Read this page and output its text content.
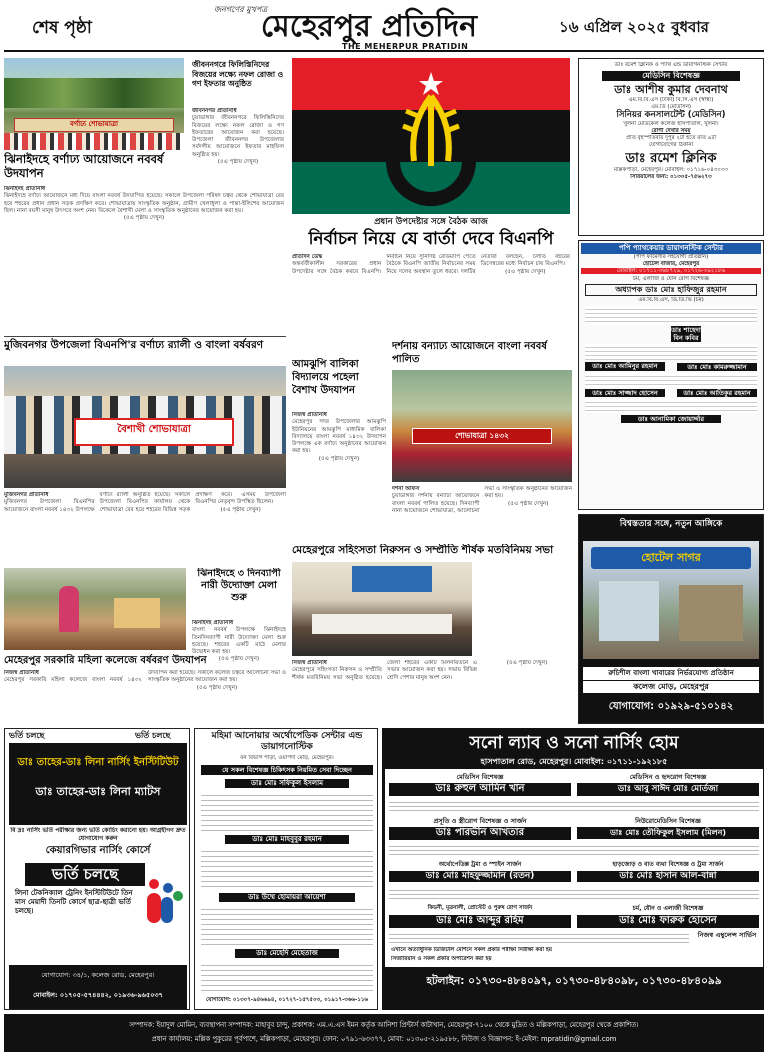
শেষ পৃষ্ঠা
জনগণের মুখপত্র
মেহেরপুর প্রতিদিন
THE MEHERPUR PRATIDIN
১৬ এপ্রিল ২০২৫ বুধবার
বর্ণাঢ্য শোভাযাত্রা
ঝিনাইদহে বর্ণাঢ্য আয়োজনে নববর্ষ উদযাপন
ঝিনাইদহ প্রতিনিধি
ঝিনাইদহে বর্ণাঢ্য আয়োজনে মধ্য দিয়ে বাংলা নববর্ষ উদযাপিত হয়েছে। সকালে উপজেলা পরিষদ চত্বর থেকে শোভাযাত্রা বের হয়ে শহরের প্রধান প্রধান সড়ক প্রদক্ষিণ করে। শোভাযাত্রায় সাংস্কৃতিক অনুষ্ঠান, গ্রামীণ খেলাধুলা ও পান্তা-ইলিশের আয়োজন ছিল। নানা বয়সী মানুষ উৎসবে অংশ নেন। বিকেলে বৈশাখী মেলা ও সাংস্কৃতিক অনুষ্ঠানের আয়োজন করা হয়।
(৫এ পৃষ্ঠায় দেখুন)
জীবননগরে ফিলিস্তিনিদের বিজয়ের লক্ষ্যে নফল রোজা ও গণ ইফতার অনুষ্ঠিত
জীবননগর প্রতিনিধি
চুয়াডাঙ্গার জীবননগরে ফিলিস্তিনিদের বিজয়ের লক্ষ্যে নফল রোজা ও গণ ইফতারের আয়োজন করা হয়েছে। উপজেলা জীবননগর উপজেলার সর্বদলীয় আয়োজনে ইফতার মাহফিল অনুষ্ঠিত হয়।
(৫এ পৃষ্ঠায় দেখুন)
প্রধান উপদেষ্টার সঙ্গে বৈঠক আজ
নির্বাচন নিয়ে যে বার্তা দেবে বিএনপি
প্রতিদিন ডেস্ক
অন্তর্বর্তীকালীন সরকারের প্রধান উপদেষ্টার সঙ্গে বৈঠক করবে বিএনপি। নির্বাচন নিয়ে সুনির্দিষ্ট রোডম্যাপ পেতে বৈঠকে বিএনপি জাতীয় নির্বাচনের সময় নিয়ে দলের অবস্থান তুলে ধরবে। দলটির নেতারা বলছেন, চলতি বছরের ডিসেম্বরের মধ্যে নির্বাচন চায় বিএনপি।
(৫এ পৃষ্ঠায় দেখুন)
মুজিবনগর উপজেলা বিএনপি'র বর্ণাঢ্য র‌্যালী ও বাংলা বর্ষবরণ
বৈশাখী শোভাযাত্রা
মুজিবনগর প্রতিনিধি
মুজিবনগর উপজেলা বিএনপির আয়োজনে বাংলা নববর্ষ ১৪৩২ উপলক্ষে বর্ণাঢ্য র‌্যালী অনুষ্ঠিত হয়েছে। সকালে উপজেলা বিএনপির কার্যালয় থেকে শোভাযাত্রা বের হয়ে শহরের বিভিন্ন সড়ক প্রদক্ষিণ করে। এসময় উপজেলা বিএনপির নেতৃবৃন্দ উপস্থিত ছিলেন।
(৫এ পৃষ্ঠায় দেখুন)
আমঝুপি বালিকা বিদ্যালয়ে পহেলা বৈশাখ উদযাপন
নিজস্ব প্রতিনিধি
মেহেরপুর সদর উপজেলার আমঝুপি ইউনিয়নের আমঝুপি মাধ্যমিক বালিকা বিদ্যালয়ে বাংলা নববর্ষ ১৪৩২ উদযাপন উপলক্ষে এক বর্ণাঢ্য অনুষ্ঠানের আয়োজন করা হয়।
(৫এ পৃষ্ঠায় দেখুন)
দর্শনায় বন্যাঢ্য আয়োজনে বাংলা নববর্ষ পালিত
শোভাযাত্রা ১৪৩২
দর্শনা অফিস
চুয়াডাঙ্গার দর্শনায় বন্যাঢ্য আয়োজনে বাংলা নববর্ষ পালিত হয়েছে। দিনব্যাপী নানা আয়োজনে শোভাযাত্রা, আলোচনা সভা ও সাংস্কৃতিক অনুষ্ঠানের আয়োজন করা হয়।
(৫এ পৃষ্ঠায় দেখুন)
ঝিনাইদহে ৩ দিনব্যাপী নারী উদ্যোক্তা মেলা শুরু
ঝিনাইদহ প্রতিনিধি
বাংলা নববর্ষ উপলক্ষে ঝিনাইদহে তিনদিনব্যাপী নারী উদ্যোক্তা মেলা শুরু হয়েছে। শহরের একটি মাঠে মেলার উদ্বোধন করা হয়।
(৫এ পৃষ্ঠায় দেখুন)
মেহেরপুর সরকারি মহিলা কলেজে বর্ষবরণ উদযাপন
নিজস্ব প্রতিনিধি
মেহেরপুর সরকারি মহিলা কলেজে বাংলা নববর্ষ ১৪৩২ উদযাপন করা হয়েছে। সকালে কলেজ চত্বরে আলোচনা সভা ও সাংস্কৃতিক অনুষ্ঠানের আয়োজন করা হয়।
(৫এ পৃষ্ঠায় দেখুন)
মেহেরপুরে সহিংসতা নিরুসন ও সম্প্রীতি শীর্ষক মতবিনিময় সভা
নিজস্ব প্রতিনিধি
মেহেরপুরে সহিংসতা নিরুসন ও সম্প্রীতি শীর্ষক মতবিনিময় সভা অনুষ্ঠিত হয়েছে। জেলা শহরের একটি মিলনায়তনে এ সভার আয়োজন করা হয়। সভায় বিভিন্ন শ্রেণি পেশার মানুষ অংশ নেন।
(৫এ পৃষ্ঠায় দেখুন)
ডাঃ রমেশ ক্লিনিক ও প্যাথ এন্ড ডায়াগনস্টিক সেন্টার
মেডিসিন বিশেষজ্ঞ
ডাঃ আশীষ কুমার দেবনাথ
এম.বি.বি.এস (ঢাকা) বি.সি.এস (স্বাস্থ্য)
এম.ডি (মেডিসিন)
সিনিয়র কনসালটেন্ট (মেডিসিন)
খুলনা মেডিকেল কলেজ হাসপাতাল, খুলনা।
রোগী দেখার সময়
প্রতি বৃহস্পতিবার দুপুর ২টা হতে রাত ৯টা
যোগাযোগের ঠিকানা
ডাঃ রমেশ ক্লিনিক
মল্লিকপাড়া, মেহেরপুর। মোবাইল: ০১৭১৬-০৪৩০৩৩
সিরিয়ালের জন্য: ০১৩০৫-৭৫৬২৭৩
পপি প্যাথকেয়ার ডায়াগনস্টিক সেন্টার
(পপি ফার্মেসীর সহযোগী প্রতিষ্ঠান)
হোটেল বাজার, মেহেরপুর
মোবাইল: ০১৭১১-৩৬৮৭২৯, ০১৭২৬-৩৯২১৮৬
চর্ম, এলার্জি ও যৌন রোগ বিশেষজ্ঞ
অধ্যাপক ডাঃ মোঃ হাফিজুর রহমান
এম.বি.বি.এস, ডি.ডি.ভি (চর্ম)
ডাঃ শাহেদা বিন কবির
ডাঃ মোঃ আমিনুর রহমান	ডাঃ মোঃ কামরুজ্জামান
ডাঃ মোঃ সাজ্জাদ হোসেন	ডাঃ মোঃ আতিকুর রহমান
ডাঃ আনামিকা জোয়ার্দ্দার
বিশ্বস্ততার সঙ্গে, নতুন আঙ্গিকে
হোটেল সাগর
রুচিশীল বাংলা খাবারের নির্ভরযোগ্য প্রতিষ্ঠান
কলেজ মোড়, মেহেরপুর
যোগাযোগ: ০১৯২৯-৫১০১৪২
ভর্তি চলছে	ভর্তি চলছে
ডাঃ তাহের-ডাঃ লিনা নার্সিং ইনস্টিটিউট
ডাঃ তাহের-ডাঃ লিনা ম্যাটস
বি দ্রঃ নার্সিং ভর্তি পরীক্ষার জন্য ভর্তি কোচিং করানো হয়। আগ্রহীগণ দ্রুত যোগাযোগ করুন
কেয়ারগিভার নার্সিং কোর্সে
ভর্তি চলছে
লিনা টেকনিক্যাল ট্রেনিং ইনস্টিটিউটে তিন মাস মেয়াদী তিনটি কোর্সে ছাত্র-ছাত্রী ভর্তি চলছে।
যোগাযোগ: ৩৪/১, কলেজ রোড, মেহেরপুর।
মোবাইল: ০১৭০৫-৫৭৪৪৪২, ০১৯৩৬-৯৬৫০৩৭
মহিমা আনোয়ার অর্থোপেডিক সেন্টার এন্ড ডায়াগনোস্টিক
বন বিভাগ পাড়া, ওয়াপদা মোড়, মেহেরপুর।
যে সকল বিশেষজ্ঞ চিকিৎসক নিয়মিত সেবা দিচ্ছেন
ডাঃ মোঃ সফিকুল ইসলাম
ডাঃ মোঃ মাহবুবুর রহমান
ডাঃ উম্মে হোমায়রা আয়েশা
ডাঃ মেহেদি মেহেতাজ
যোগাযোগ: ০১৩০৭-৯৪৬৬৯৪, ০১৭২৭-১৫৭৫০৩, ০১৯১৭-৩৬৬-১১৬
সনো ল্যাব ও সনো নার্সিং হোম
হাসপাতাল রোড, মেহেরপুর। মোবাইল: ০১৭১১-১৯২১৮৫
মেডিসিন বিশেষজ্ঞ
ডাঃ রুহুল আমিন খান
মেডিসিন ও হৃদরোগ বিশেষজ্ঞ
ডাঃ আবু সাঈদ মোঃ মোর্তজা
প্রসূতি ও স্ত্রীরোগ বিশেষজ্ঞ ও সার্জন
ডাঃ পারভীন আখতার
নিউরোমেডিসিন বিশেষজ্ঞ
ডাঃ মোঃ তৌফিকুল ইসলাম (মিলন)
অর্থোপেডিক্স ট্রমা ও স্পাইন সার্জন
ডাঃ মোঃ মাহফুজ্জামান (রতন)
হাড়জোড় ও বাত ব্যথা বিশেষজ্ঞ ও ট্রমা সার্জন
ডাঃ মোঃ হাসান আল-বান্না
কিডনী, মূত্রনালী, প্রোস্টেট ও পুরুষ রোগ সার্জন
ডাঃ মোঃ আব্দুর রহিম
চর্ম, যৌন ও এলার্জী বিশেষজ্ঞ
ডাঃ মোঃ ফারুক হোসেন
নিজস্ব এম্বুলেন্স সার্ভিস
এখানে অত্যাধুনিক ডিজিটাল মেশিনে সকল প্রকার পরীক্ষা নিরীক্ষা করা হয়
সিজারিয়ান ও সকল প্রকার অপারেশন করা হয়
হটলাইন: ০১৭৩০-৪৮৪০৯৭, ০১৭৩০-৪৮৪০৯৮, ০১৭৩০-৪৮৪০৯৯
সম্পাদক: ইয়াদুল মোমিন, ব্যবস্থাপনা সম্পাদক: মাহাবুব চান্দু, প্রকাশক: এম.এ.এস ইমন কর্তৃক আনিশা প্রিন্টার্স কাটাখান, মেহেরপুর-৭১০০ থেকে মুদ্রিত ও মল্লিকপাড়া, মেহেরপুর থেকে প্রকাশিত।
প্রধান কার্যালয়: মল্লিক পুকুরের পূর্বপাশে, মল্লিকপাড়া, মেহেরপুর। ফোন: ০৭৯১-৬৩৩৭৭, মোবা: ০১৩০৫-২১৯৫৮৮, নিউজ ও বিজ্ঞাপন: ই-মেইল: mpratidin@gmail.com
